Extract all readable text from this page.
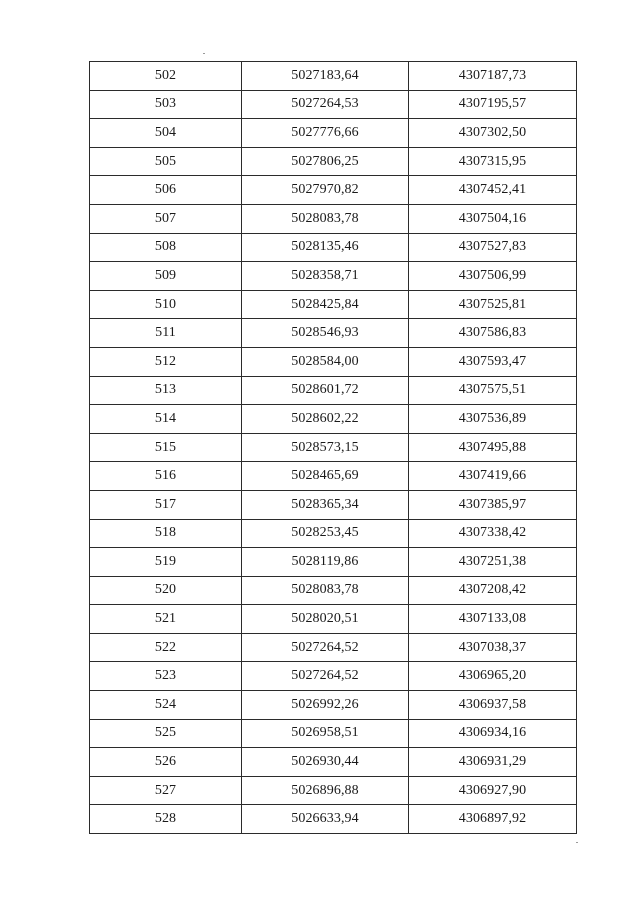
502	5027183,64	4307187,73
503	5027264,53	4307195,57
504	5027776,66	4307302,50
505	5027806,25	4307315,95
506	5027970,82	4307452,41
507	5028083,78	4307504,16
508	5028135,46	4307527,83
509	5028358,71	4307506,99
510	5028425,84	4307525,81
511	5028546,93	4307586,83
512	5028584,00	4307593,47
513	5028601,72	4307575,51
514	5028602,22	4307536,89
515	5028573,15	4307495,88
516	5028465,69	4307419,66
517	5028365,34	4307385,97
518	5028253,45	4307338,42
519	5028119,86	4307251,38
520	5028083,78	4307208,42
521	5028020,51	4307133,08
522	5027264,52	4307038,37
523	5027264,52	4306965,20
524	5026992,26	4306937,58
525	5026958,51	4306934,16
526	5026930,44	4306931,29
527	5026896,88	4306927,90
528	5026633,94	4306897,92
